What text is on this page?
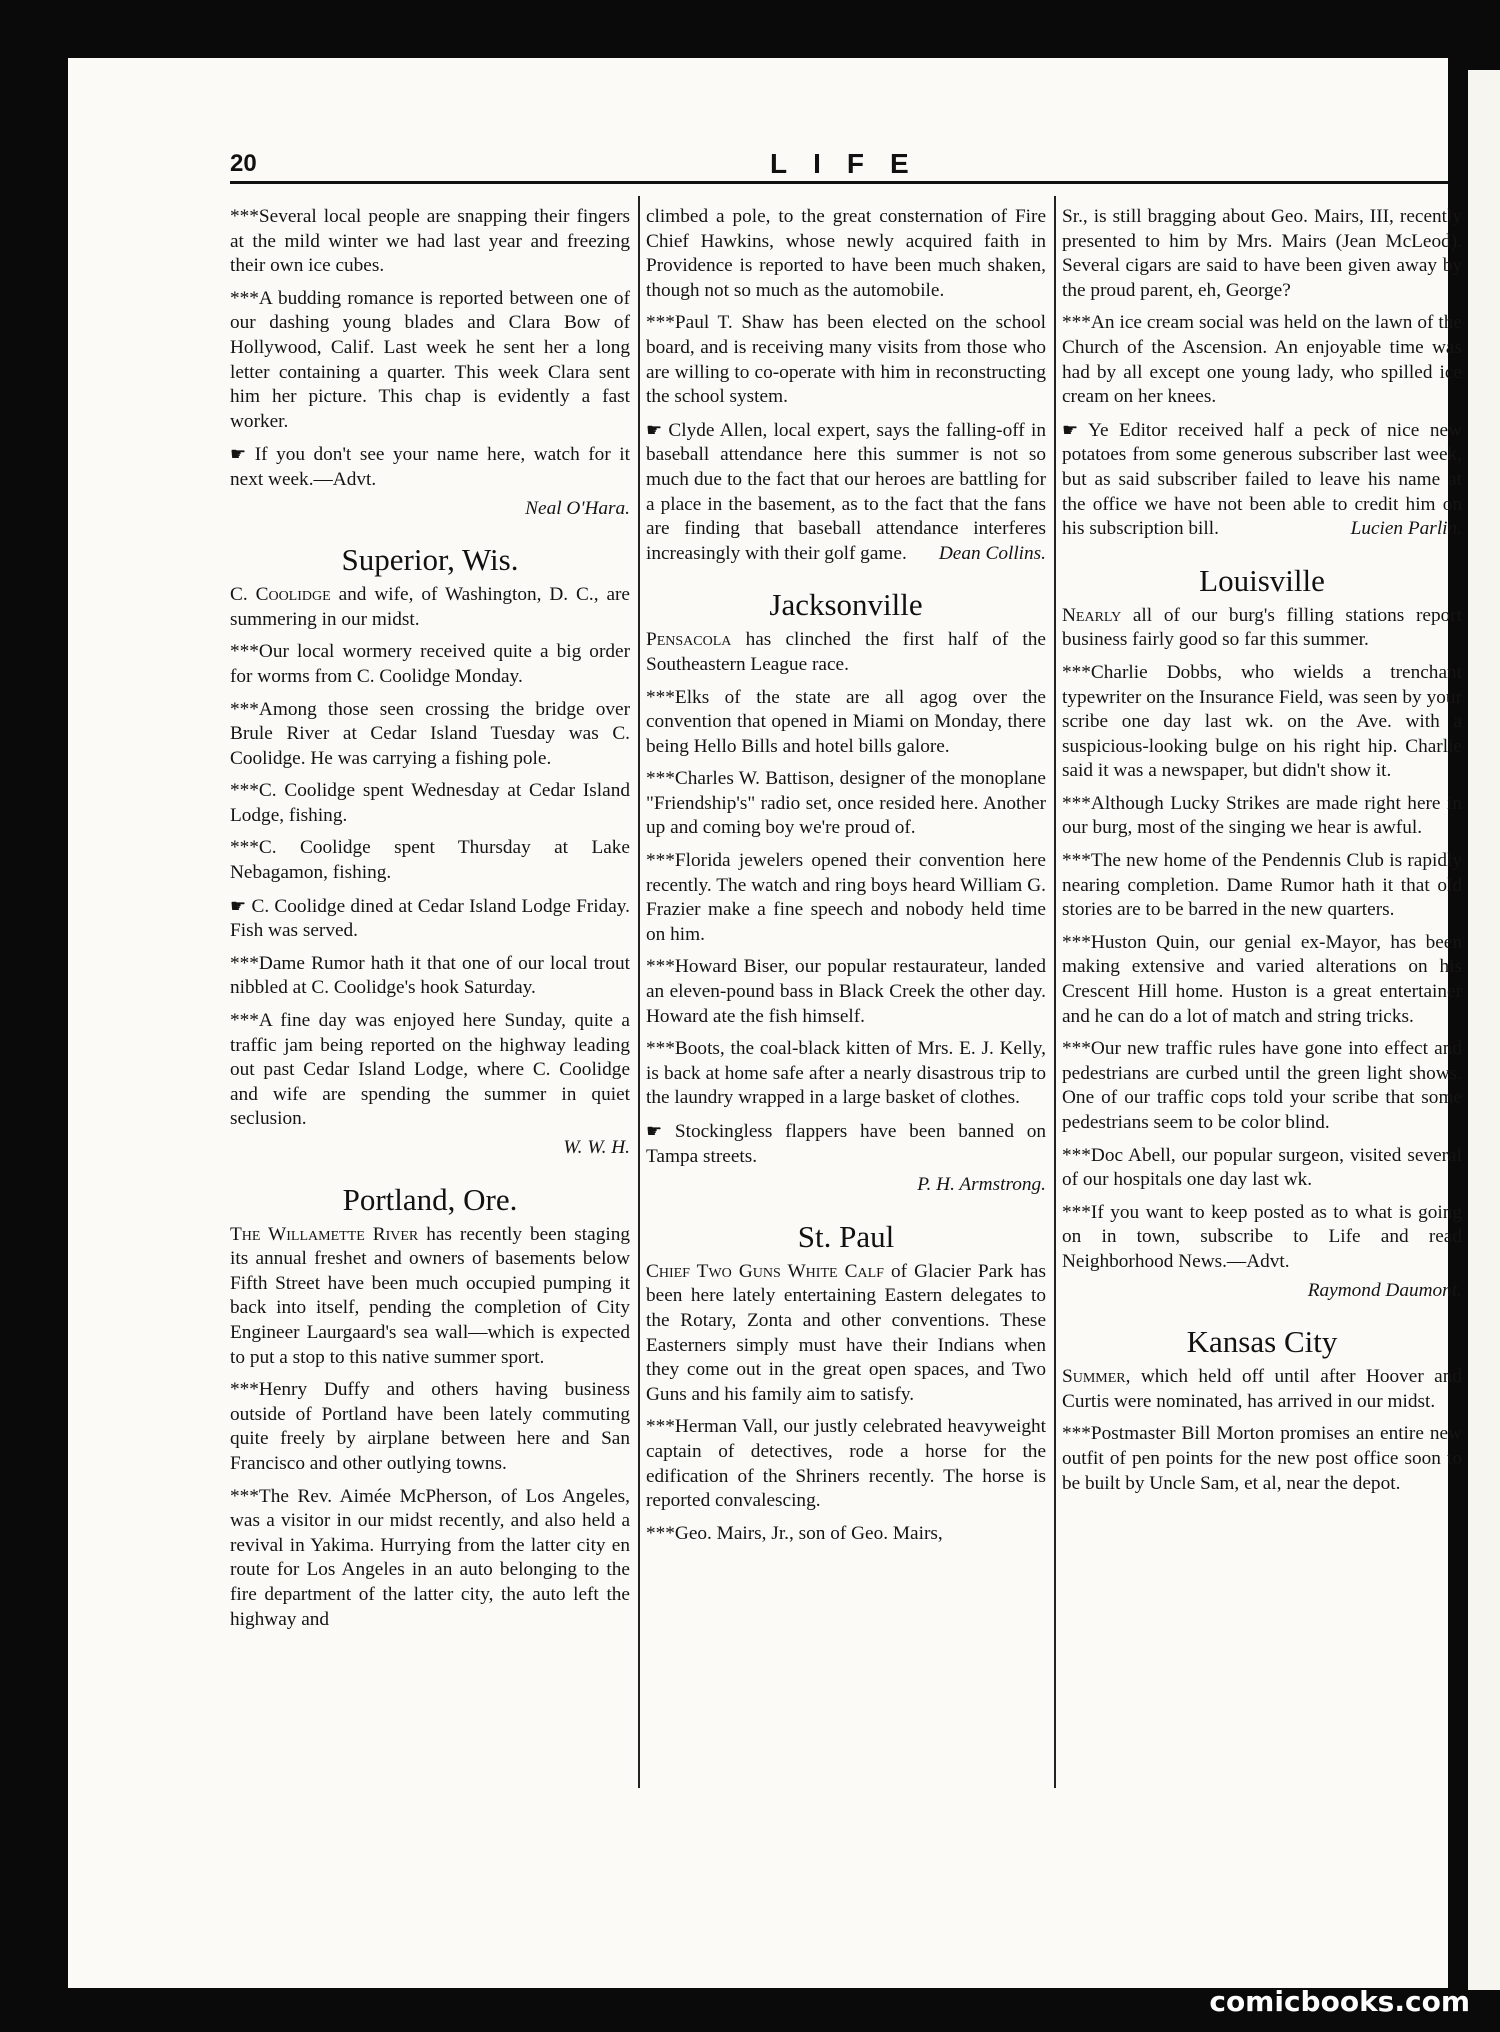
20	LIFE

***Several local people are snapping their fingers at the mild winter we had last year and freezing their own ice cubes.

***A budding romance is reported between one of our dashing young blades and Clara Bow of Hollywood, Calif. Last week he sent her a long letter containing a quarter. This week Clara sent him her picture. This chap is evidently a fast worker.

☛ If you don't see your name here, watch for it next week.—Advt.

Neal O'Hara.
Superior, Wis.

C. Coolidge and wife, of Washington, D. C., are summering in our midst.

***Our local wormery received quite a big order for worms from C. Coolidge Monday.

***Among those seen crossing the bridge over Brule River at Cedar Island Tuesday was C. Coolidge. He was carrying a fishing pole.

***C. Coolidge spent Wednesday at Cedar Island Lodge, fishing.

***C. Coolidge spent Thursday at Lake Nebagamon, fishing.

☛ C. Coolidge dined at Cedar Island Lodge Friday. Fish was served.

***Dame Rumor hath it that one of our local trout nibbled at C. Coolidge's hook Saturday.

***A fine day was enjoyed here Sunday, quite a traffic jam being reported on the highway leading out past Cedar Island Lodge, where C. Coolidge and wife are spending the summer in quiet seclusion.

W. W. H.
Portland, Ore.

The Willamette River has recently been staging its annual freshet and owners of basements below Fifth Street have been much occupied pumping it back into itself, pending the completion of City Engineer Laurgaard's sea wall—which is expected to put a stop to this native summer sport.

***Henry Duffy and others having business outside of Portland have been lately commuting quite freely by airplane between here and San Francisco and other outlying towns.

***The Rev. Aimée McPherson, of Los Angeles, was a visitor in our midst recently, and also held a revival in Yakima. Hurrying from the latter city en route for Los Angeles in an auto belonging to the fire department of the latter city, the auto left the highway and

climbed a pole, to the great consternation of Fire Chief Hawkins, whose newly acquired faith in Providence is reported to have been much shaken, though not so much as the automobile.

***Paul T. Shaw has been elected on the school board, and is receiving many visits from those who are willing to co-operate with him in reconstructing the school system.

☛ Clyde Allen, local expert, says the falling-off in baseball attendance here this summer is not so much due to the fact that our heroes are battling for a place in the basement, as to the fact that the fans are finding that baseball attendance interferes increasingly with their golf game. Dean Collins.

Jacksonville

Pensacola has clinched the first half of the Southeastern League race.

***Elks of the state are all agog over the convention that opened in Miami on Monday, there being Hello Bills and hotel bills galore.

***Charles W. Battison, designer of the monoplane "Friendship's" radio set, once resided here. Another up and coming boy we're proud of.

***Florida jewelers opened their convention here recently. The watch and ring boys heard William G. Frazier make a fine speech and nobody held time on him.

***Howard Biser, our popular restaurateur, landed an eleven-pound bass in Black Creek the other day. Howard ate the fish himself.

***Boots, the coal-black kitten of Mrs. E. J. Kelly, is back at home safe after a nearly disastrous trip to the laundry wrapped in a large basket of clothes.

☛ Stockingless flappers have been banned on Tampa streets.

P. H. Armstrong.
St. Paul

Chief Two Guns White Calf of Glacier Park has been here lately entertaining Eastern delegates to the Rotary, Zonta and other conventions. These Easterners simply must have their Indians when they come out in the great open spaces, and Two Guns and his family aim to satisfy.

***Herman Vall, our justly celebrated heavyweight captain of detectives, rode a horse for the edification of the Shriners recently. The horse is reported convalescing.

***Geo. Mairs, Jr., son of Geo. Mairs,

Sr., is still bragging about Geo. Mairs, III, recently presented to him by Mrs. Mairs (Jean McLeod). Several cigars are said to have been given away by the proud parent, eh, George?

***An ice cream social was held on the lawn of the Church of the Ascension. An enjoyable time was had by all except one young lady, who spilled ice cream on her knees.

☛ Ye Editor received half a peck of nice new potatoes from some generous subscriber last week, but as said subscriber failed to leave his name at the office we have not been able to credit him on his subscription bill.	Lucien Parlin.

Louisville

Nearly all of our burg's filling stations report business fairly good so far this summer.

***Charlie Dobbs, who wields a trenchant typewriter on the Insurance Field, was seen by your scribe one day last wk. on the Ave. with a suspicious-looking bulge on his right hip. Charlie said it was a newspaper, but didn't show it.

***Although Lucky Strikes are made right here in our burg, most of the singing we hear is awful.

***The new home of the Pendennis Club is rapidly nearing completion. Dame Rumor hath it that old stories are to be barred in the new quarters.

***Huston Quin, our genial ex-Mayor, has been making extensive and varied alterations on his Crescent Hill home. Huston is a great entertainer and he can do a lot of match and string tricks.

***Our new traffic rules have gone into effect and pedestrians are curbed until the green light shows. One of our traffic cops told your scribe that some pedestrians seem to be color blind.

***Doc Abell, our popular surgeon, visited several of our hospitals one day last wk.

***If you want to keep posted as to what is going on in town, subscribe to Life and read Neighborhood News.—Advt.

Raymond Daumont.
Kansas City

Summer, which held off until after Hoover and Curtis were nominated, has arrived in our midst.

***Postmaster Bill Morton promises an entire new outfit of pen points for the new post office soon to be built by Uncle Sam, et al, near the depot.

comicbooks.com
